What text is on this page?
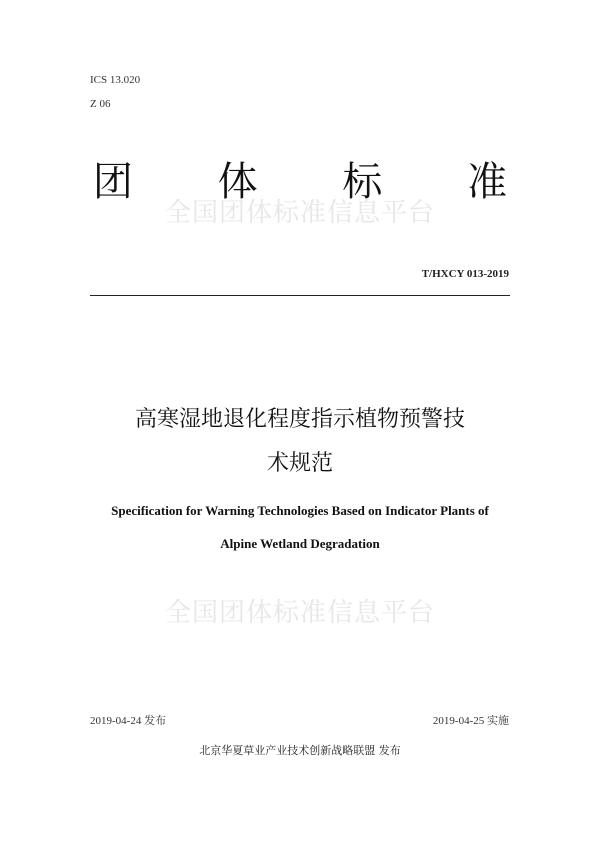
ICS 13.020
Z 06
团 体 标 准
全国团体标准信息平台
T/HXCY 013-2019
高寒湿地退化程度指示植物预警技
术规范
Specification for Warning Technologies Based on Indicator Plants of
Alpine Wetland Degradation
全国团体标准信息平台
2019-04-24 发布	2019-04-25 实施
北京华夏草业产业技术创新战略联盟 发布
